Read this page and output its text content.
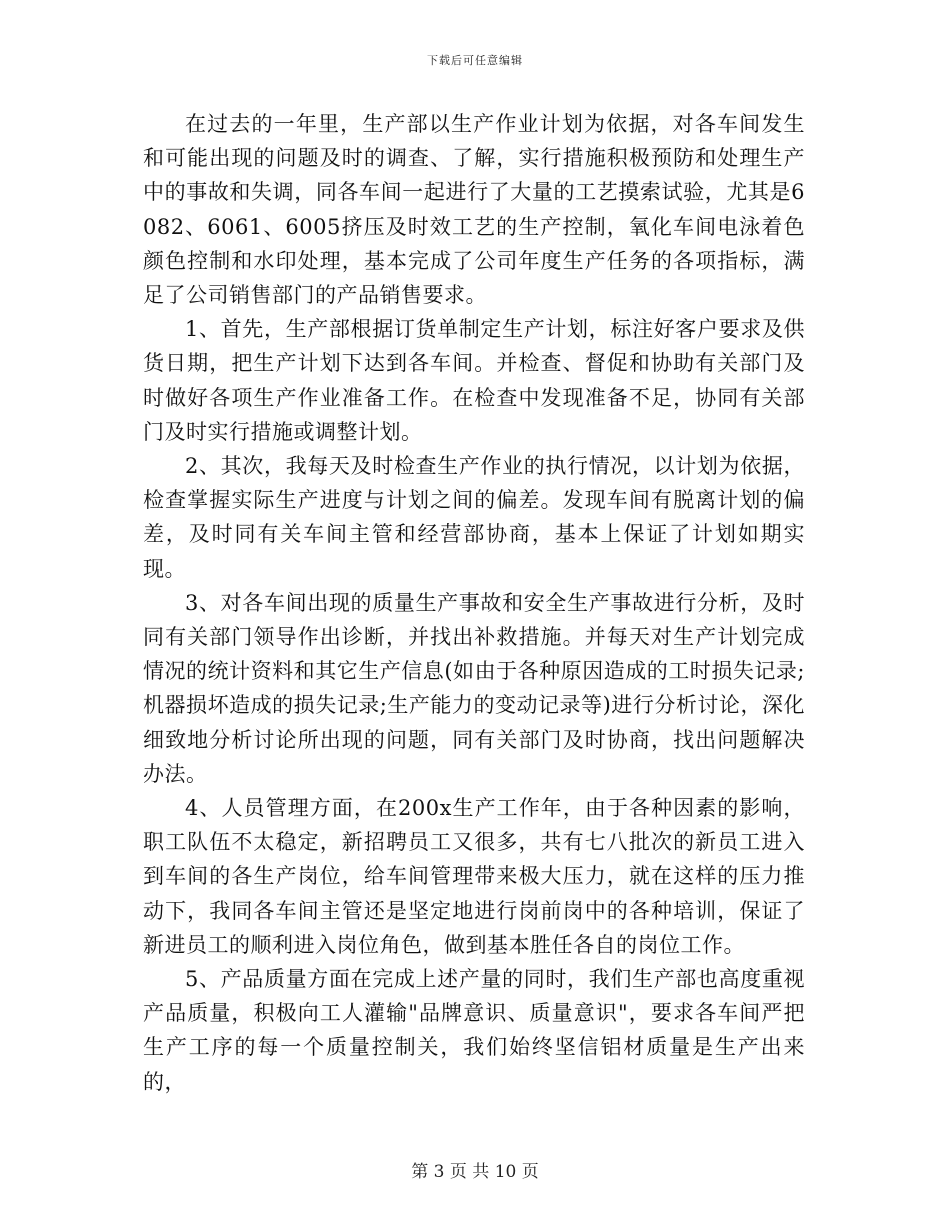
下载后可任意编辑

在过去的一年里，生产部以生产作业计划为依据，对各车间发生和可能出现的问题及时的调查、了解，实行措施积极预防和处理生产中的事故和失调，同各车间一起进行了大量的工艺摸索试验，尤其是6082、6061、6005挤压及时效工艺的生产控制，氧化车间电泳着色颜色控制和水印处理，基本完成了公司年度生产任务的各项指标，满足了公司销售部门的产品销售要求。

1、首先，生产部根据订货单制定生产计划，标注好客户要求及供货日期，把生产计划下达到各车间。并检查、督促和协助有关部门及时做好各项生产作业准备工作。在检查中发现准备不足，协同有关部门及时实行措施或调整计划。

2、其次，我每天及时检查生产作业的执行情况，以计划为依据，检查掌握实际生产进度与计划之间的偏差。发现车间有脱离计划的偏差，及时同有关车间主管和经营部协商，基本上保证了计划如期实现。

3、对各车间出现的质量生产事故和安全生产事故进行分析，及时同有关部门领导作出诊断，并找出补救措施。并每天对生产计划完成情况的统计资料和其它生产信息(如由于各种原因造成的工时损失记录;机器损坏造成的损失记录;生产能力的变动记录等)进行分析讨论，深化细致地分析讨论所出现的问题，同有关部门及时协商，找出问题解决办法。

4、人员管理方面，在200x生产工作年，由于各种因素的影响，职工队伍不太稳定，新招聘员工又很多，共有七八批次的新员工进入到车间的各生产岗位，给车间管理带来极大压力，就在这样的压力推动下，我同各车间主管还是坚定地进行岗前岗中的各种培训，保证了新进员工的顺利进入岗位角色，做到基本胜任各自的岗位工作。

5、产品质量方面在完成上述产量的同时，我们生产部也高度重视产品质量，积极向工人灌输"品牌意识、质量意识"，要求各车间严把生产工序的每一个质量控制关，我们始终坚信铝材质量是生产出来的，

第 3 页 共 10 页
